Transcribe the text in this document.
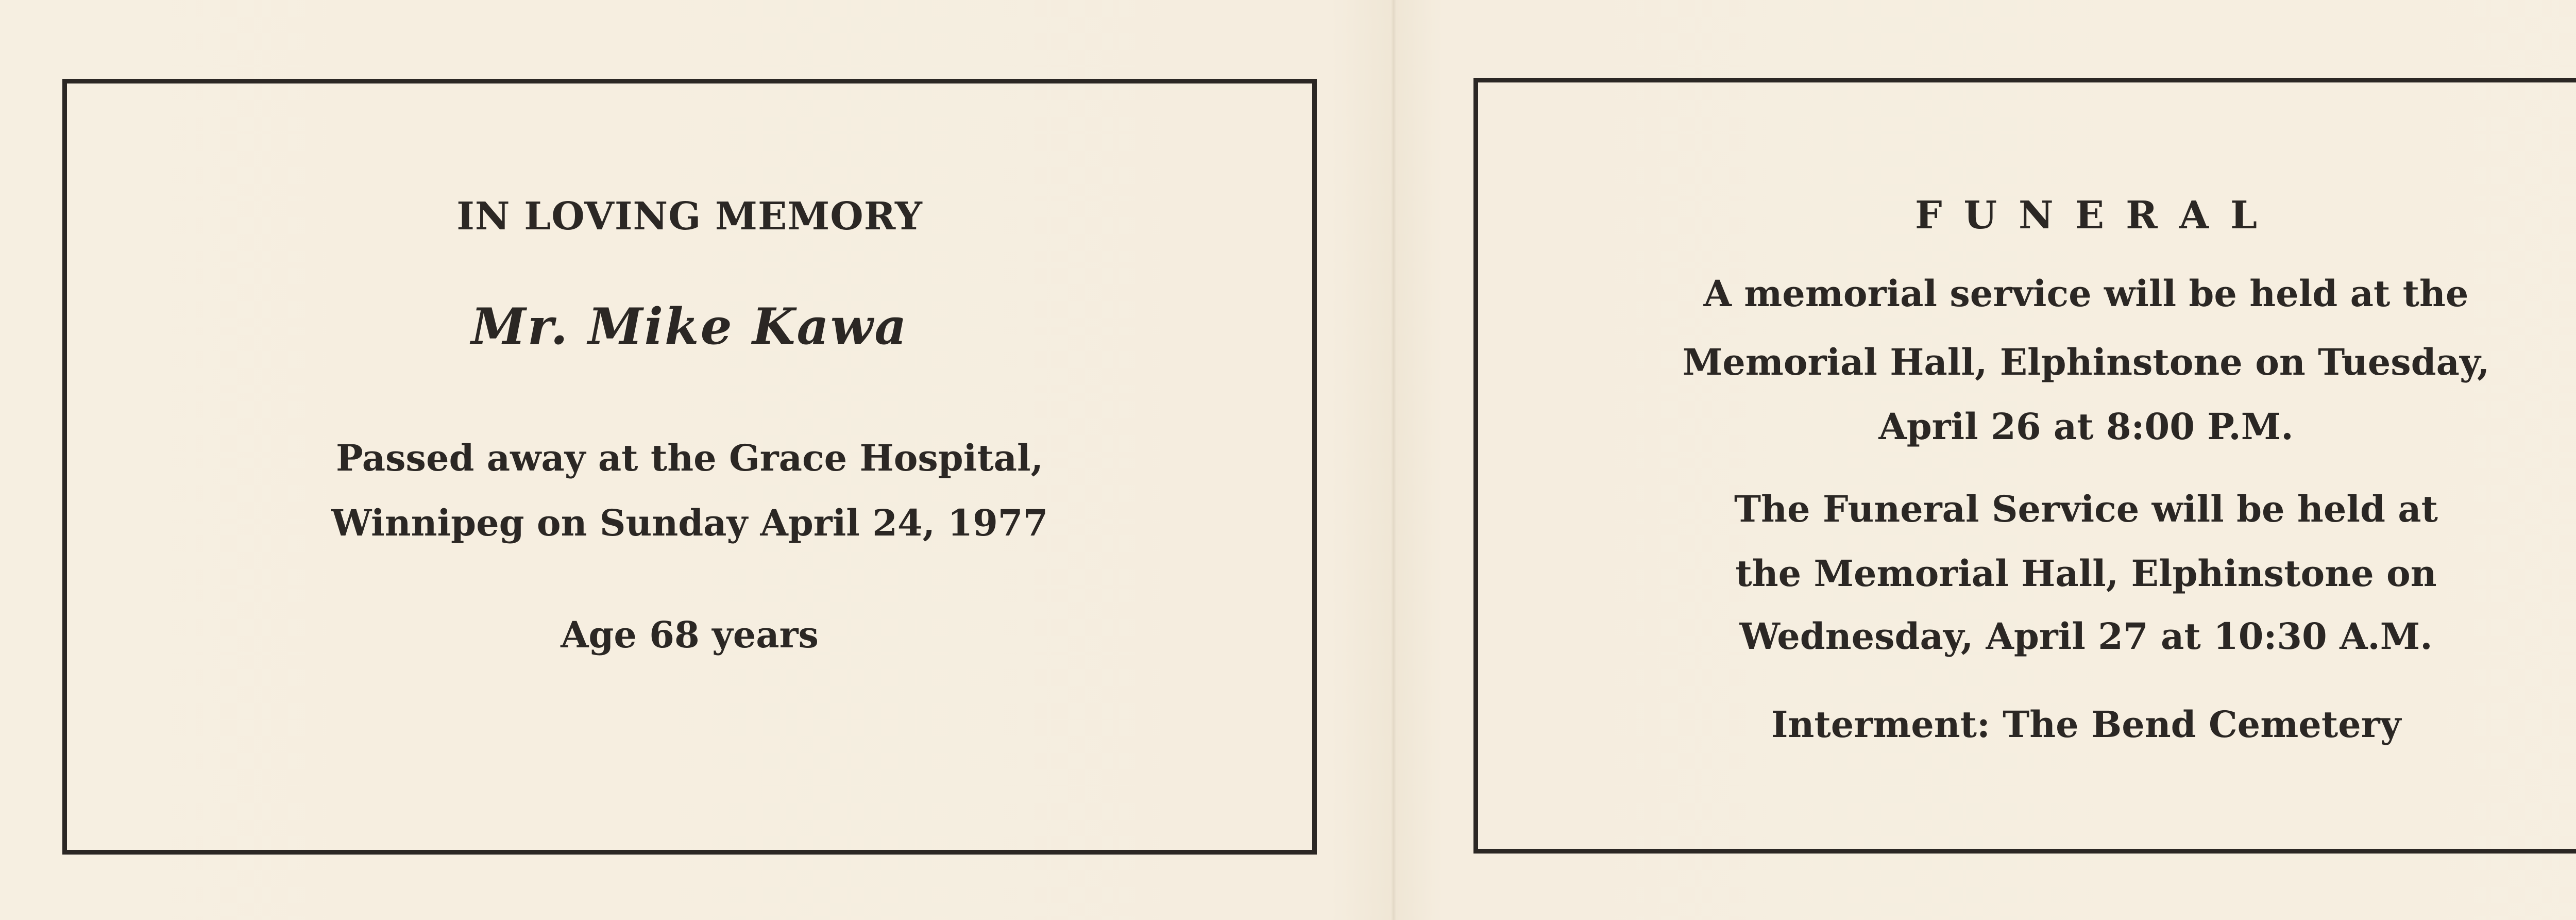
IN LOVING MEMORY
Mr. Mike Kawa
Passed away at the Grace Hospital,
Winnipeg on Sunday April 24, 1977
Age 68 years
FUNERAL
A memorial service will be held at the
Memorial Hall, Elphinstone on Tuesday,
April 26 at 8:00 P.M.
The Funeral Service will be held at
the Memorial Hall, Elphinstone on
Wednesday, April 27 at 10:30 A.M.
Interment: The Bend Cemetery
